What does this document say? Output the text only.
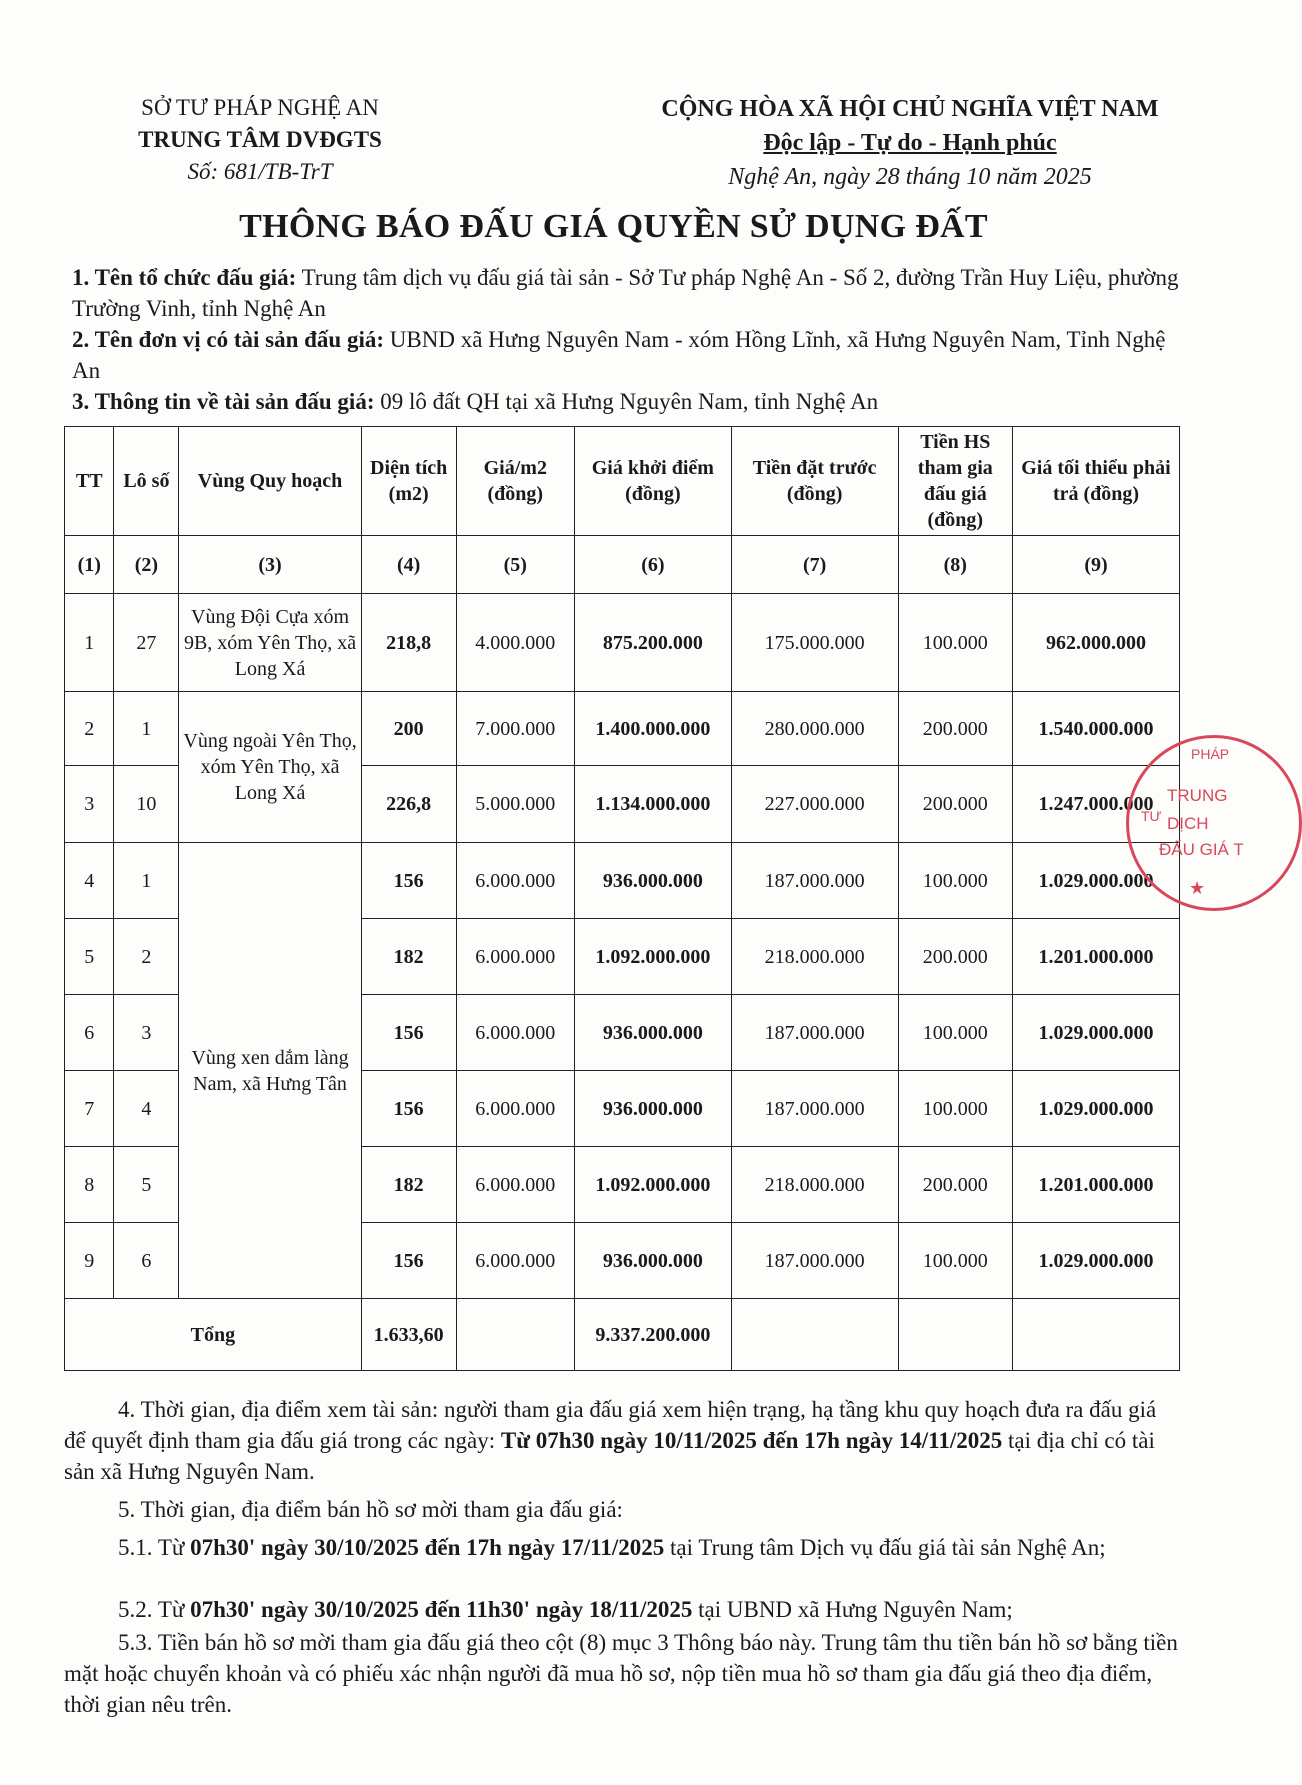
SỞ TƯ PHÁP NGHỆ AN
TRUNG TÂM DVĐGTS
Số: 681/TB-TrT
CỘNG HÒA XÃ HỘI CHỦ NGHĨA VIỆT NAM
Độc lập - Tự do - Hạnh phúc
Nghệ An, ngày 28 tháng 10 năm 2025
THÔNG BÁO ĐẤU GIÁ QUYỀN SỬ DỤNG ĐẤT
1. Tên tổ chức đấu giá: Trung tâm dịch vụ đấu giá tài sản - Sở Tư pháp Nghệ An - Số 2, đường Trần Huy Liệu, phường Trường Vinh, tỉnh Nghệ An
2. Tên đơn vị có tài sản đấu giá: UBND xã Hưng Nguyên Nam - xóm Hồng Lĩnh, xã Hưng Nguyên Nam, Tỉnh Nghệ An
3. Thông tin về tài sản đấu giá: 09 lô đất QH tại xã Hưng Nguyên Nam, tỉnh Nghệ An
TT	Lô số	Vùng Quy hoạch	Diện tích (m2)	Giá/m2 (đồng)	Giá khởi điểm (đồng)	Tiền đặt trước (đồng)	Tiền HS tham gia đấu giá (đồng)	Giá tối thiểu phải trả (đồng)
(1)	(2)	(3)	(4)	(5)	(6)	(7)	(8)	(9)
1	27	Vùng Đội Cựa xóm 9B, xóm Yên Thọ, xã Long Xá	218,8	4.000.000	875.200.000	175.000.000	100.000	962.000.000
2	1	Vùng ngoài Yên Thọ, xóm Yên Thọ, xã Long Xá	200	7.000.000	1.400.000.000	280.000.000	200.000	1.540.000.000
3	10		226,8	5.000.000	1.134.000.000	227.000.000	200.000	1.247.000.000
4	1	Vùng xen dắm làng Nam, xã Hưng Tân	156	6.000.000	936.000.000	187.000.000	100.000	1.029.000.000
5	2		182	6.000.000	1.092.000.000	218.000.000	200.000	1.201.000.000
6	3		156	6.000.000	936.000.000	187.000.000	100.000	1.029.000.000
7	4		156	6.000.000	936.000.000	187.000.000	100.000	1.029.000.000
8	5		182	6.000.000	1.092.000.000	218.000.000	200.000	1.201.000.000
9	6		156	6.000.000	936.000.000	187.000.000	100.000	1.029.000.000
Tổng			1.633,60		9.337.200.000			
PHÁP
TƯ
TRUNG
DỊCH
ĐẤU GIÁ T
★
4. Thời gian, địa điểm xem tài sản: người tham gia đấu giá xem hiện trạng, hạ tầng khu quy hoạch đưa ra đấu giá để quyết định tham gia đấu giá trong các ngày: Từ 07h30 ngày 10/11/2025 đến 17h ngày 14/11/2025 tại địa chỉ có tài sản xã Hưng Nguyên Nam.
5. Thời gian, địa điểm bán hồ sơ mời tham gia đấu giá:
5.1. Từ 07h30' ngày 30/10/2025 đến 17h ngày 17/11/2025 tại Trung tâm Dịch vụ đấu giá tài sản Nghệ An;
5.2. Từ 07h30' ngày 30/10/2025 đến 11h30' ngày 18/11/2025 tại UBND xã Hưng Nguyên Nam;
5.3. Tiền bán hồ sơ mời tham gia đấu giá theo cột (8) mục 3 Thông báo này. Trung tâm thu tiền bán hồ sơ bằng tiền mặt hoặc chuyển khoản và có phiếu xác nhận người đã mua hồ sơ, nộp tiền mua hồ sơ tham gia đấu giá theo địa điểm, thời gian nêu trên.
